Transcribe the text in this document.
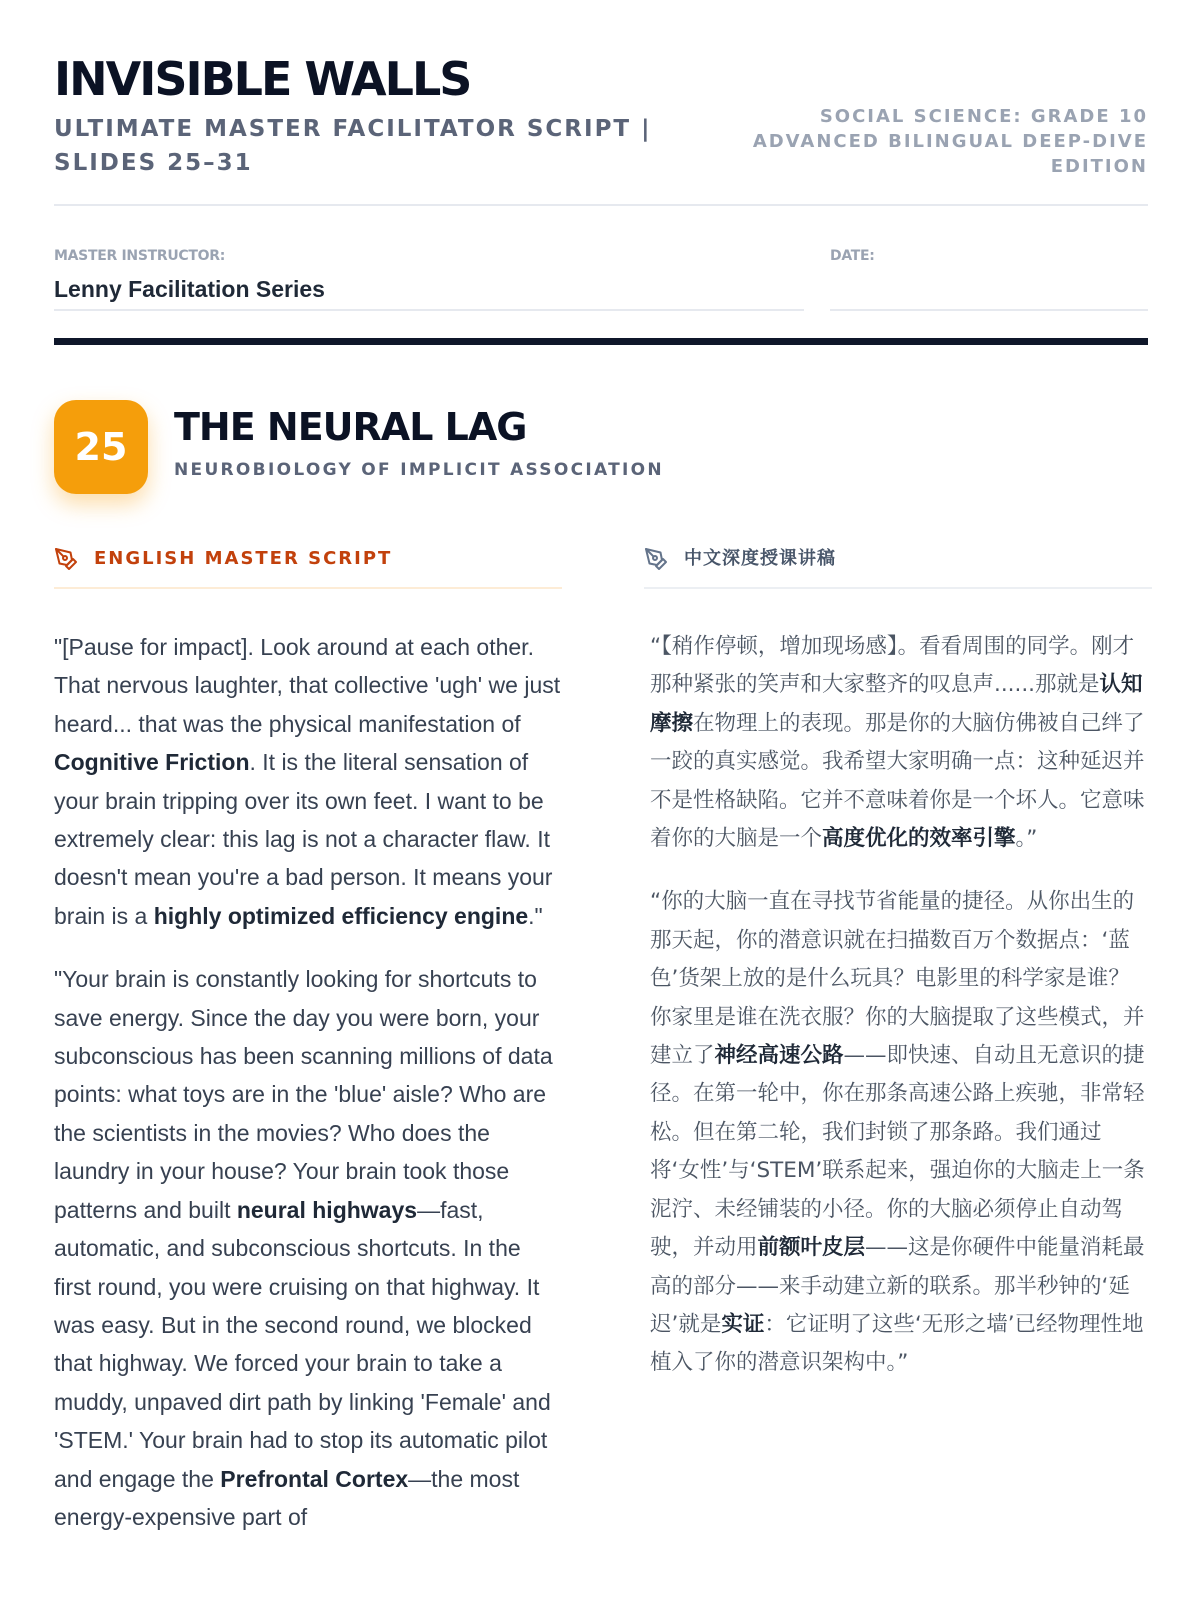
INVISIBLE WALLS
ULTIMATE MASTER FACILITATOR SCRIPT | SLIDES 25–31
SOCIAL SCIENCE: GRADE 10
ADVANCED BILINGUAL DEEP-DIVE EDITION
MASTER INSTRUCTOR:
Lenny Facilitation Series
DATE:
25	THE NEURAL LAG
NEUROBIOLOGY OF IMPLICIT ASSOCIATION
ENGLISH MASTER SCRIPT	中文深度授课讲稿

"[Pause for impact]. Look around at each other. That nervous laughter, that collective 'ugh' we just heard... that was the physical manifestation of Cognitive Friction. It is the literal sensation of your brain tripping over its own feet. I want to be extremely clear: this lag is not a character flaw. It doesn't mean you're a bad person. It means your brain is a highly optimized efficiency engine."

"Your brain is constantly looking for shortcuts to save energy. Since the day you were born, your subconscious has been scanning millions of data points: what toys are in the 'blue' aisle? Who are the scientists in the movies? Who does the laundry in your house? Your brain took those patterns and built neural highways—fast, automatic, and subconscious shortcuts. In the first round, you were cruising on that highway. It was easy. But in the second round, we blocked that highway. We forced your brain to take a muddy, unpaved dirt path by linking 'Female' and 'STEM.' Your brain had to stop its automatic pilot and engage the Prefrontal Cortex—the most energy-expensive part of

“【稍作停顿，增加现场感】。看看周围的同学。刚才那种紧张的笑声和大家整齐的叹息声......那就是认知摩擦在物理上的表现。那是你的大脑仿佛被自己绊了一跤的真实感觉。我希望大家明确一点：这种延迟并不是性格缺陷。它并不意味着你是一个坏人。它意味着你的大脑是一个高度优化的效率引擎。”

“你的大脑一直在寻找节省能量的捷径。从你出生的那天起，你的潜意识就在扫描数百万个数据点：‘蓝色’货架上放的是什么玩具？电影里的科学家是谁？你家里是谁在洗衣服？你的大脑提取了这些模式，并建立了神经高速公路——即快速、自动且无意识的捷径。在第一轮中，你在那条高速公路上疾驰，非常轻松。但在第二轮，我们封锁了那条路。我们通过将‘女性’与‘STEM’联系起来，强迫你的大脑走上一条泥泞、未经铺装的小径。你的大脑必须停止自动驾驶，并动用前额叶皮层——这是你硬件中能量消耗最高的部分——来手动建立新的联系。那半秒钟的‘延迟’就是实证：它证明了这些‘无形之墙’已经物理性地植入了你的潜意识架构中。”
